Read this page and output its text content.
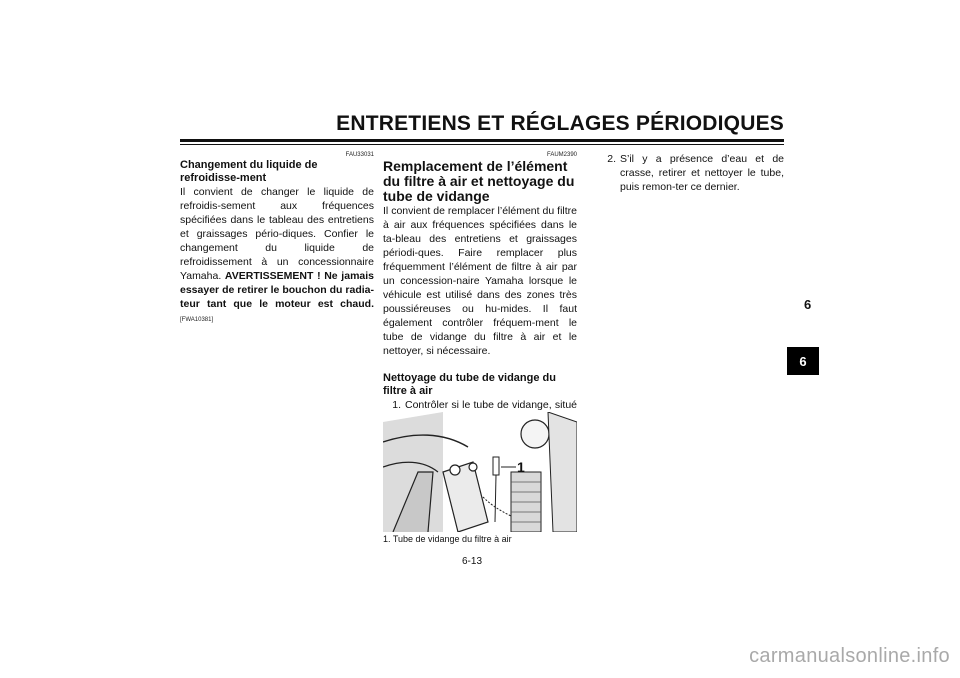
ENTRETIENS ET RÉGLAGES PÉRIODIQUES
FAU33031

Changement du liquide de refroidisse-ment

Il convient de changer le liquide de refroidis-sement aux fréquences spécifiées dans le tableau des entretiens et graissages pério-diques. Confier le changement du liquide de refroidissement à un concessionnaire Yamaha. AVERTISSEMENT ! Ne jamais essayer de retirer le bouchon du radia-teur tant que le moteur est chaud.[FWA10381]

FAUM2390

Remplacement de l’élément du filtre à air et nettoyage du tube de vidange

Il convient de remplacer l’élément du filtre à air aux fréquences spécifiées dans le ta-bleau des entretiens et graissages périodi-ques. Faire remplacer plus fréquemment l’élément de filtre à air par un concession-naire Yamaha lorsque le véhicule est utilisé dans des zones très poussiéreuses ou hu-mides. Il faut également contrôler fréquem-ment le tube de vidange du filtre à air et le nettoyer, si nécessaire.

Nettoyage du tube de vidange du filtre à air

1. Contrôler si le tube de vidange, situé
1
1. Tube de vidange du filtre à air
2. S’il y a présence d’eau et de crasse, retirer et nettoyer le tube, puis remon-ter ce dernier.
6-13
6
6
carmanualsonline.info
